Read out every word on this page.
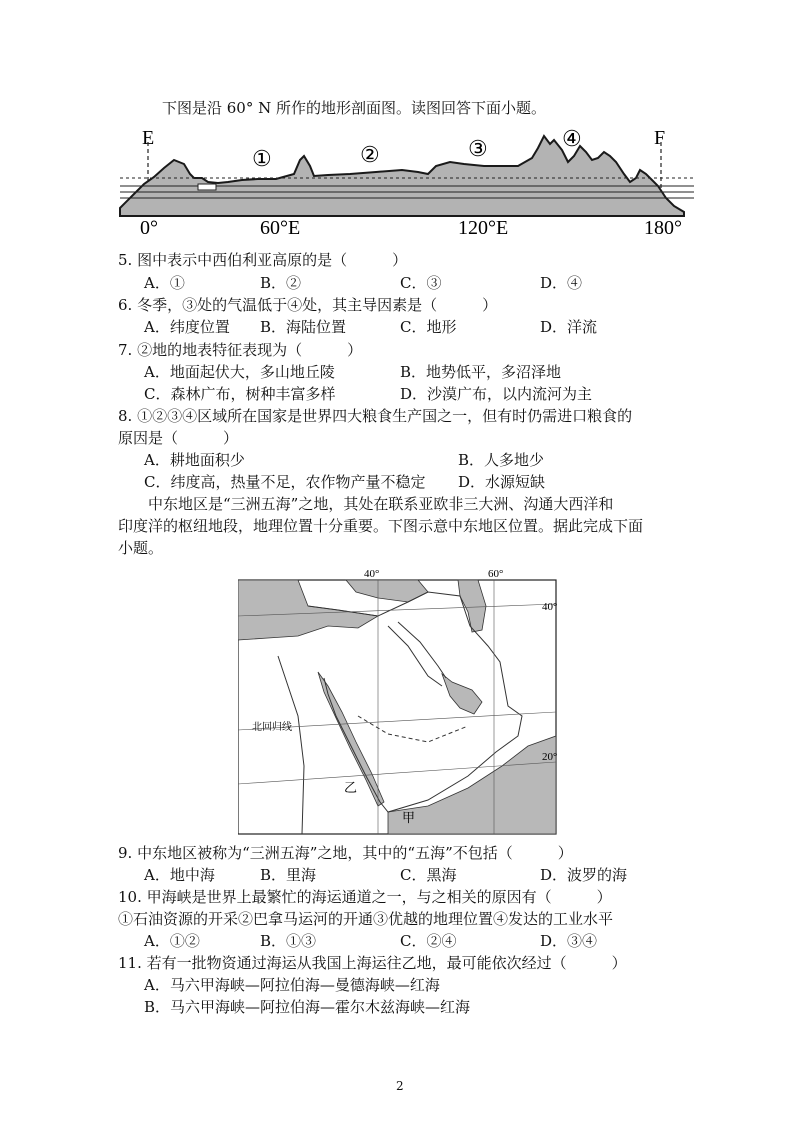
下图是沿 60° N 所作的地形剖面图。读图回答下面小题。
E	F
①	②	③	④
0°	60°E	120°E	180°
5. 图中表示中西伯利亚高原的是（　　　）
A．①	B．②	C．③	D．④
6. 冬季，③处的气温低于④处，其主导因素是（　　　）
A．纬度位置 B．海陆位置	C．地形	D．洋流
7. ②地的地表特征表现为（　　　）
A．地面起伏大，多山地丘陵	B．地势低平，多沼泽地
C．森林广布，树种丰富多样	D．沙漠广布，以内流河为主
8. ①②③④区域所在国家是世界四大粮食生产国之一，但有时仍需进口粮食的
原因是（　　　）
A．耕地面积少	B．人多地少
C．纬度高，热量不足，农作物产量不稳定 D．水源短缺
中东地区是“三洲五海”之地，其处在联系亚欧非三大洲、沟通大西洋和
印度洋的枢纽地段，地理位置十分重要。下图示意中东地区位置。据此完成下面
小题。
40°	60°
40°
20°
北回归线
乙
甲
9. 中东地区被称为“三洲五海”之地，其中的“五海”不包括（　　　）
A．地中海	B．里海	C．黑海	D．波罗的海
10. 甲海峡是世界上最繁忙的海运通道之一，与之相关的原因有（　　　）
①石油资源的开采②巴拿马运河的开通③优越的地理位置④发达的工业水平
A．①②	B．①③	C．②④	D．③④
11. 若有一批物资通过海运从我国上海运往乙地，最可能依次经过（　　　）
A．马六甲海峡—阿拉伯海—曼德海峡—红海
B．马六甲海峡—阿拉伯海—霍尔木兹海峡—红海
2
